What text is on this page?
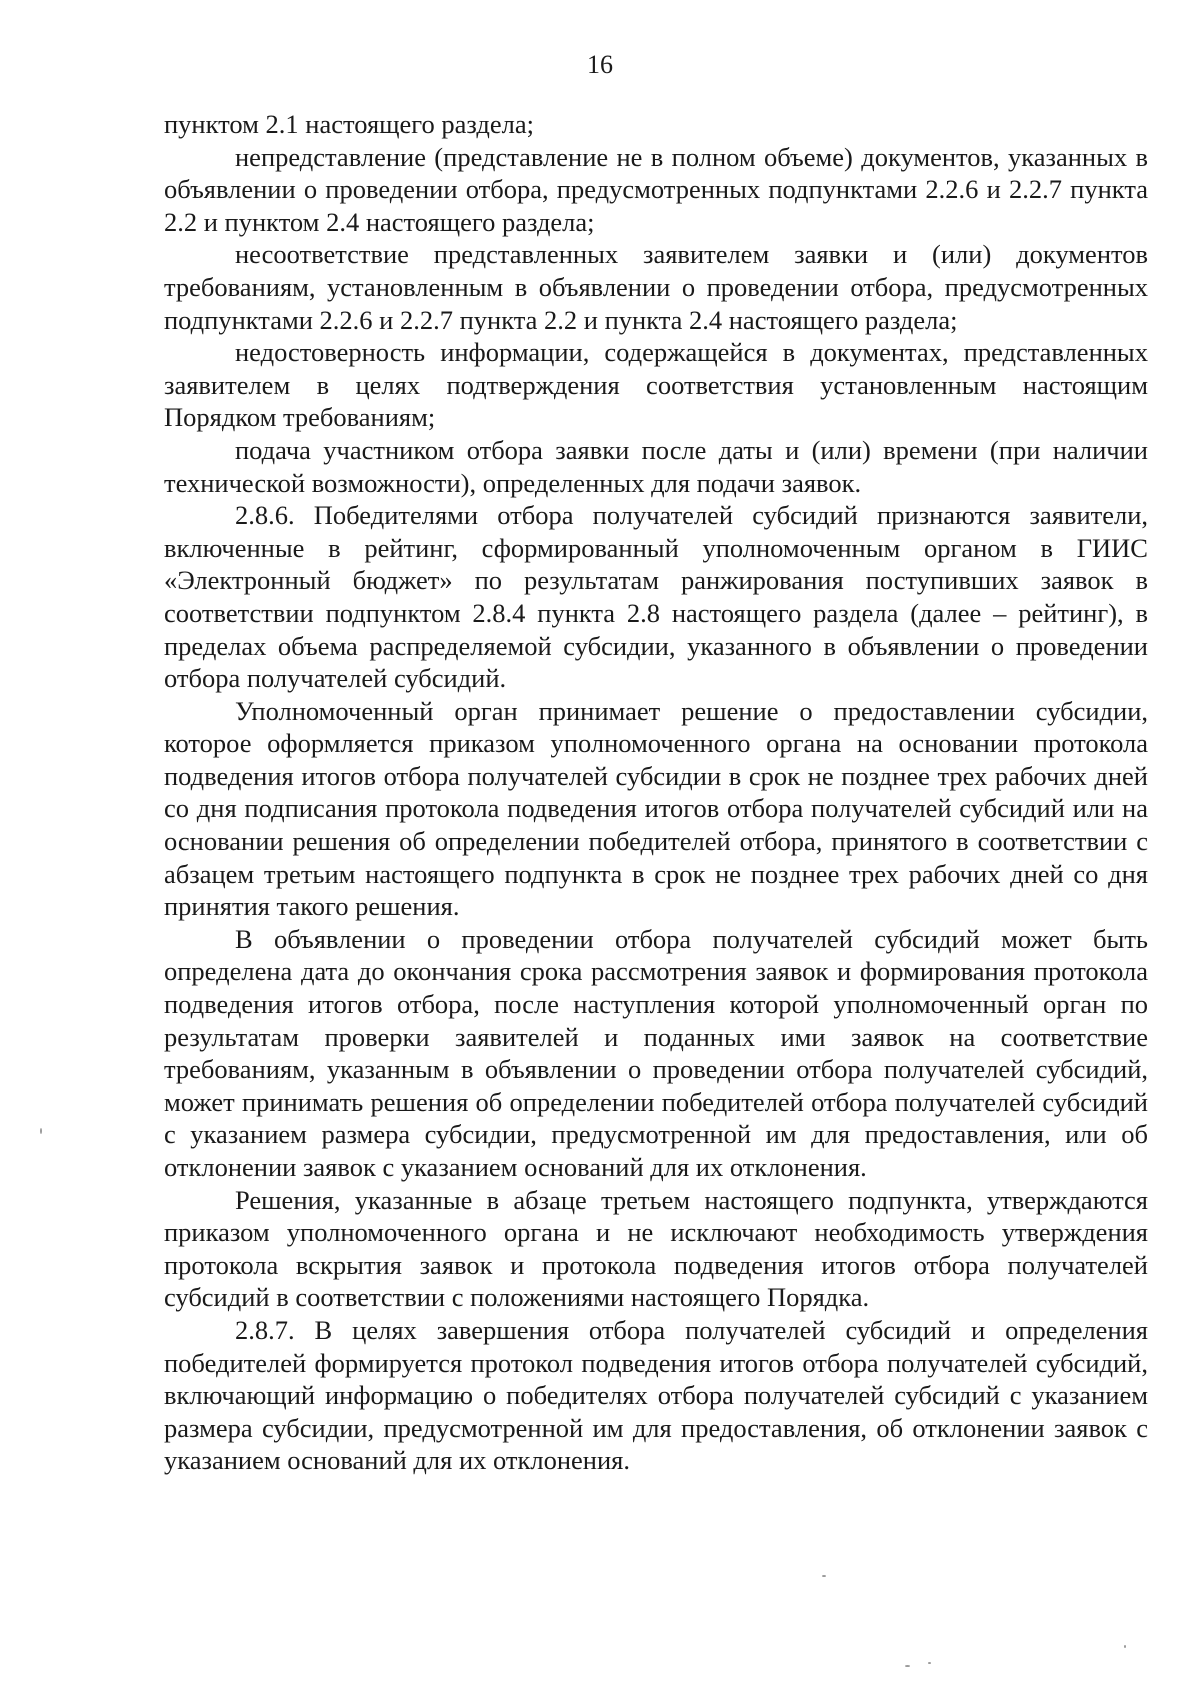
16

пунктом 2.1 настоящего раздела;

непредставление (представление не в полном объеме) документов, указанных в объявлении о проведении отбора, предусмотренных подпунктами 2.2.6 и 2.2.7 пункта 2.2 и пунктом 2.4 настоящего раздела;

несоответствие представленных заявителем заявки и (или) документов требованиям, установленным в объявлении о проведении отбора, предусмотренных подпунктами 2.2.6 и 2.2.7 пункта 2.2 и пункта 2.4 настоящего раздела;

недостоверность информации, содержащейся в документах, представленных заявителем в целях подтверждения соответствия установленным настоящим Порядком требованиям;

подача участником отбора заявки после даты и (или) времени (при наличии технической возможности), определенных для подачи заявок.

2.8.6. Победителями отбора получателей субсидий признаются заявители, включенные в рейтинг, сформированный уполномоченным органом в ГИИС «Электронный бюджет» по результатам ранжирования поступивших заявок в соответствии подпунктом 2.8.4 пункта 2.8 настоящего раздела (далее – рейтинг), в пределах объема распределяемой субсидии, указанного в объявлении о проведении отбора получателей субсидий.

Уполномоченный орган принимает решение о предоставлении субсидии, которое оформляется приказом уполномоченного органа на основании протокола подведения итогов отбора получателей субсидии в срок не позднее трех рабочих дней со дня подписания протокола подведения итогов отбора получателей субсидий или на основании решения об определении победителей отбора, принятого в соответствии с абзацем третьим настоящего подпункта в срок не позднее трех рабочих дней со дня принятия такого решения.

В объявлении о проведении отбора получателей субсидий может быть определена дата до окончания срока рассмотрения заявок и формирования протокола подведения итогов отбора, после наступления которой уполномоченный орган по результатам проверки заявителей и поданных ими заявок на соответствие требованиям, указанным в объявлении о проведении отбора получателей субсидий, может принимать решения об определении победителей отбора получателей субсидий с указанием размера субсидии, предусмотренной им для предоставления, или об отклонении заявок с указанием оснований для их отклонения.

Решения, указанные в абзаце третьем настоящего подпункта, утверждаются приказом уполномоченного органа и не исключают необходимость утверждения протокола вскрытия заявок и протокола подведения итогов отбора получателей субсидий в соответствии с положениями настоящего Порядка.

2.8.7. В целях завершения отбора получателей субсидий и определения победителей формируется протокол подведения итогов отбора получателей субсидий, включающий информацию о победителях отбора получателей субсидий с указанием размера субсидии, предусмотренной им для предоставления, об отклонении заявок с указанием оснований для их отклонения.
